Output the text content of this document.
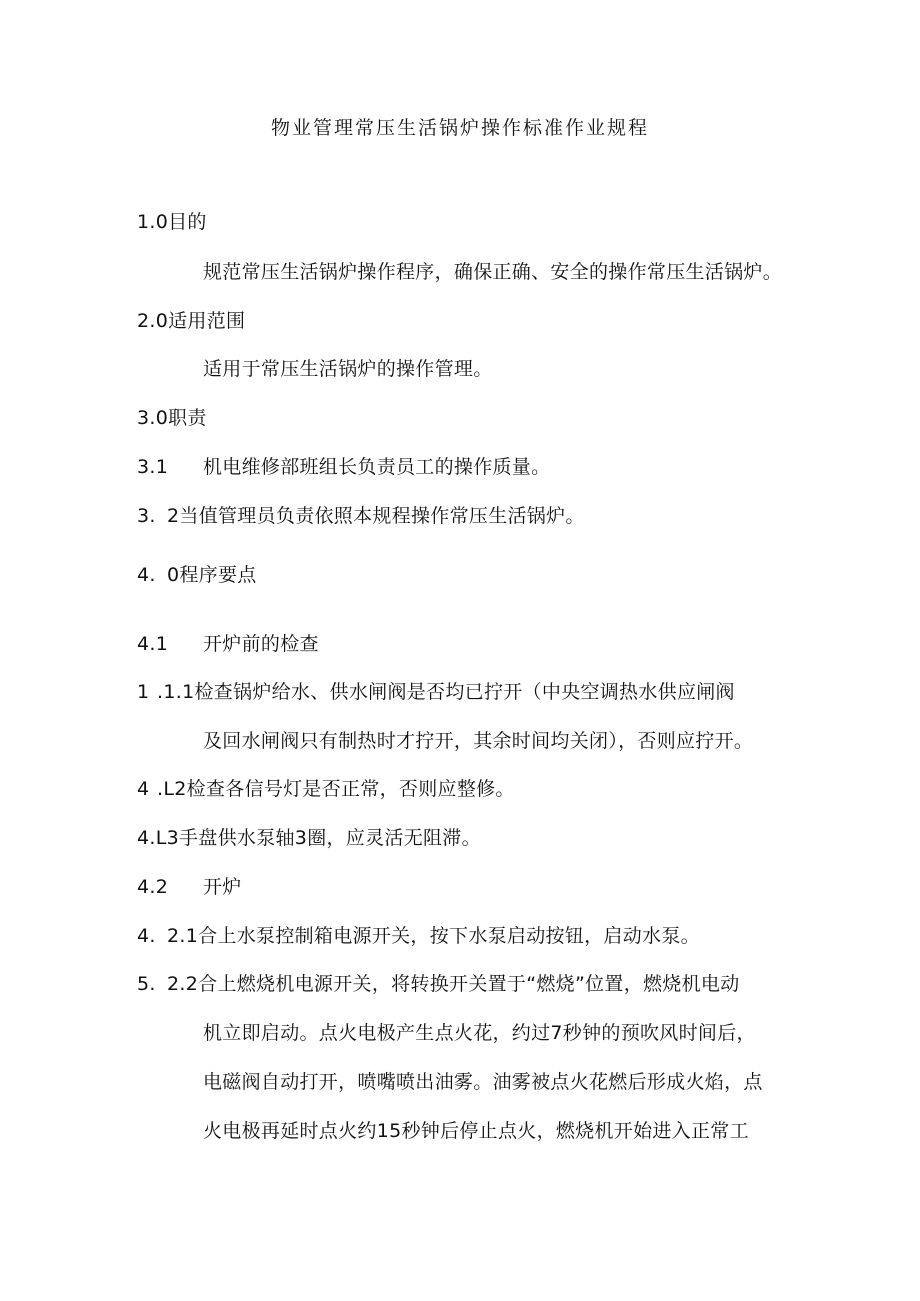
物业管理常压生活锅炉操作标准作业规程
1.0目的
规范常压生活锅炉操作程序，确保正确、安全的操作常压生活锅炉。
2.0适用范围
适用于常压生活锅炉的操作管理。
3.0职责
3.1 机电维修部班组长负责员工的操作质量。
3. 2当值管理员负责依照本规程操作常压生活锅炉。
4. 0程序要点
4.1 开炉前的检查
1 .1.1检查锅炉给水、供水闸阀是否均已拧开（中央空调热水供应闸阀
及回水闸阀只有制热时才拧开，其余时间均关闭），否则应拧开。
4 .L2检查各信号灯是否正常，否则应整修。
4.L3手盘供水泵轴3圈，应灵活无阻滞。
4.2 开炉
4. 2.1合上水泵控制箱电源开关，按下水泵启动按钮，启动水泵。
5. 2.2合上燃烧机电源开关，将转换开关置于“燃烧”位置，燃烧机电动
机立即启动。点火电极产生点火花，约过7秒钟的预吹风时间后，
电磁阀自动打开，喷嘴喷出油雾。油雾被点火花燃后形成火焰，点
火电极再延时点火约15秒钟后停止点火，燃烧机开始进入正常工
